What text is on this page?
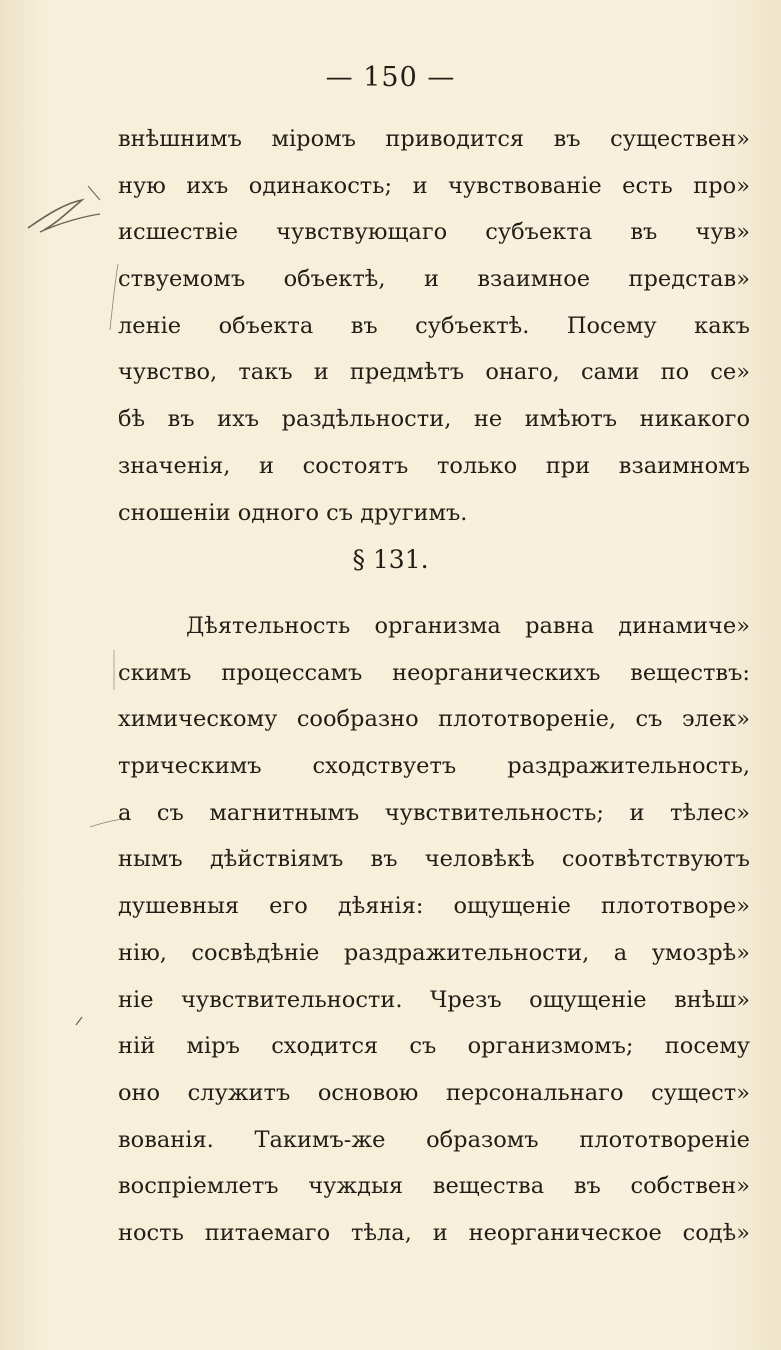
— 150 —
внѣшнимъ міромъ приводится въ существен»
ную ихъ одинакость; и чувствованіе есть про»
исшествіе чувствующаго субъекта въ чув»
ствуемомъ объектѣ, и взаимное представ»
леніе объекта въ субъектѣ. Посему какъ
чувство, такъ и предмѣтъ онаго, сами по се»
бѣ въ ихъ раздѣльности, не имѣютъ никакого
значенія, и состоятъ только при взаимномъ
сношеніи одного съ другимъ.
§ 131.
Дѣятельность организма равна динамиче»
скимъ процессамъ неорганическихъ веществъ:
химическому сообразно плототвореніе, съ элек»
трическимъ сходствуетъ раздражительность,
а съ магнитнымъ чувствительность; и тѣлес»
нымъ дѣйствіямъ въ человѣкѣ соотвѣтствуютъ
душевныя его дѣянія: ощущеніе плототворе»
нію, сосвѣдѣніе раздражительности, а умозрѣ»
ніе чувствительности. Чрезъ ощущеніе внѣш»
ній міръ сходится съ организмомъ; посему
оно служитъ основою персональнаго сущест»
вованія. Такимъ-же образомъ плототвореніе
воспріемлетъ чуждыя вещества въ собствен»
ность питаемаго тѣла, и неорганическое содѣ»
